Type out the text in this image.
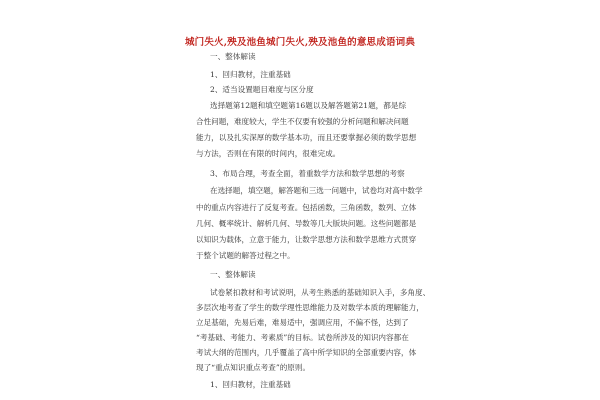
城门失火,殃及池鱼城门失火,殃及池鱼的意思成语词典
一、整体解读
1、回归教材，注重基础
2、适当设置题目难度与区分度
选择题第12题和填空题第16题以及解答题第21题，都是综
合性问题，难度较大，学生不仅要有较强的分析问题和解决问题
能力，以及扎实深厚的数学基本功，而且还要掌握必须的数学思想
与方法，否则在有限的时间内，很难完成。
3、布局合理，考查全面，着重数学方法和数学思想的考察
在选择题，填空题，解答题和三选一问题中，试卷均对高中数学
中的重点内容进行了反复考查。包括函数，三角函数，数列、立体
几何、概率统计、解析几何、导数等几大版块问题。这些问题都是
以知识为载体，立意于能力，让数学思想方法和数学思维方式贯穿
于整个试题的解答过程之中。
一、整体解读
试卷紧扣教材和考试说明，从考生熟悉的基础知识入手，多角度、
多层次地考查了学生的数学理性思维能力及对数学本质的理解能力，
立足基础，先易后难，难易适中，强调应用，不偏不怪，达到了
“考基础、考能力、考素质”的目标。试卷所涉及的知识内容都在
考试大纲的范围内，几乎覆盖了高中所学知识的全部重要内容，体
现了“重点知识重点考查”的原则。
1、回归教材，注重基础
